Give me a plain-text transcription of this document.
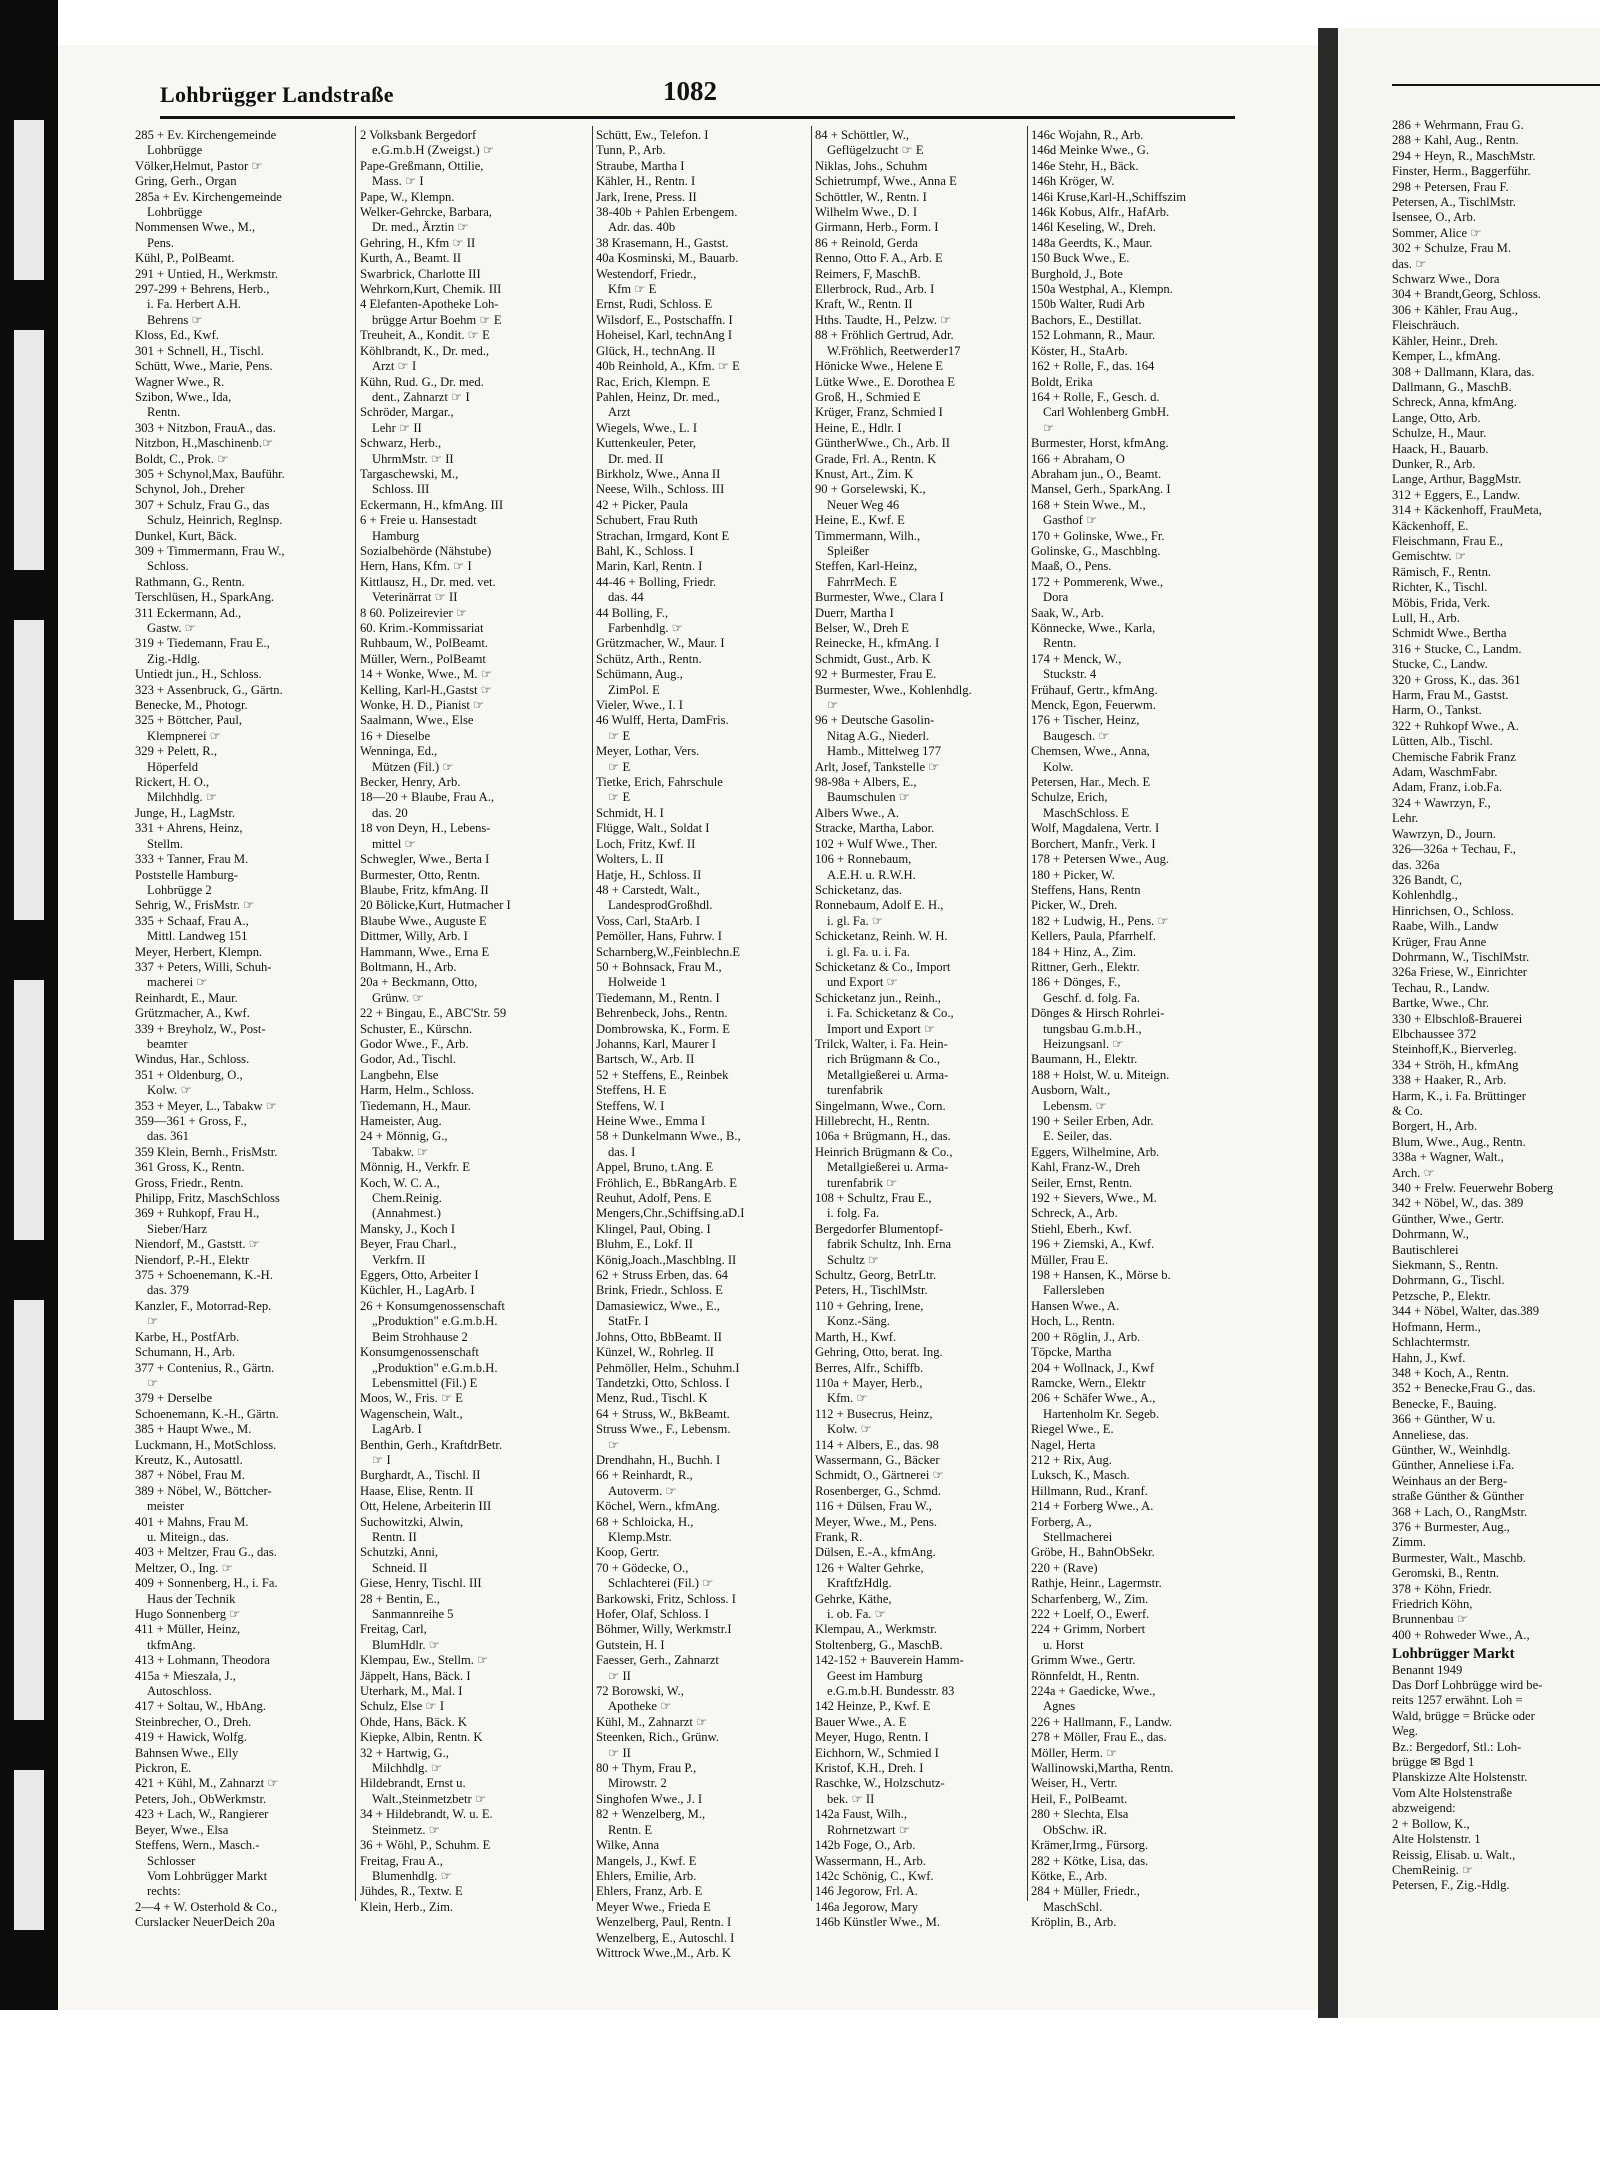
Lohbrügger Landstraße	1082
285 + Ev. Kirchengemeinde
Lohbrügge
Völker,Helmut, Pastor ☞
Gring, Gerh., Organ
285a + Ev. Kirchengemeinde
Lohbrügge
Nommensen Wwe., M.,
Pens.
Kühl, P., PolBeamt.
291 + Untied, H., Werkmstr.
297-299 + Behrens, Herb.,
i. Fa. Herbert A.H.
Behrens ☞
Kloss, Ed., Kwf.
301 + Schnell, H., Tischl.
Schütt, Wwe., Marie, Pens.
Wagner Wwe., R.
Szibon, Wwe., Ida,
Rentn.
303 + Nitzbon, FrauA., das.
Nitzbon, H.,Maschinenb.☞
Boldt, C., Prok. ☞
305 + Schynol,Max, Bauführ.
Schynol, Joh., Dreher
307 + Schulz, Frau G., das
Schulz, Heinrich, Reglnsp.
Dunkel, Kurt, Bäck.
309 + Timmermann, Frau W.,
Schloss.
Rathmann, G., Rentn.
Terschlüsen, H., SparkAng.
311 Eckermann, Ad.,
Gastw. ☞
319 + Tiedemann, Frau E.,
Zig.-Hdlg.
Untiedt jun., H., Schloss.
323 + Assenbruck, G., Gärtn.
Benecke, M., Photogr.
325 + Böttcher, Paul,
Klempnerei ☞
329 + Pelett, R.,
Höperfeld
Rickert, H. O.,
Milchhdlg. ☞
Junge, H., LagMstr.
331 + Ahrens, Heinz,
Stellm.
333 + Tanner, Frau M.
Poststelle Hamburg-
Lohbrügge 2
Sehrig, W., FrisMstr. ☞
335 + Schaaf, Frau A.,
Mittl. Landweg 151
Meyer, Herbert, Klempn.
337 + Peters, Willi, Schuh-
macherei ☞
Reinhardt, E., Maur.
Grützmacher, A., Kwf.
339 + Breyholz, W., Post-
beamter
Windus, Har., Schloss.
351 + Oldenburg, O.,
Kolw. ☞
353 + Meyer, L., Tabakw ☞
359—361 + Gross, F.,
das. 361
359 Klein, Bernh., FrisMstr.
361 Gross, K., Rentn.
Gross, Friedr., Rentn.
Philipp, Fritz, MaschSchloss
369 + Ruhkopf, Frau H.,
Sieber/Harz
Niendorf, M., Gaststt. ☞
Niendorf, P.-H., Elektr
375 + Schoenemann, K.-H.
das. 379
Kanzler, F., Motorrad-Rep.
☞
Karbe, H., PostfArb.
Schumann, H., Arb.
377 + Contenius, R., Gärtn.
☞
379 + Derselbe
Schoenemann, K.-H., Gärtn.
385 + Haupt Wwe., M.
Luckmann, H., MotSchloss.
Kreutz, K., Autosattl.
387 + Nöbel, Frau M.
389 + Nöbel, W., Böttcher-
meister
401 + Mahns, Frau M.
u. Miteign., das.
403 + Meltzer, Frau G., das.
Meltzer, O., Ing. ☞
409 + Sonnenberg, H., i. Fa.
Haus der Technik
Hugo Sonnenberg ☞
411 + Müller, Heinz,
tkfmAng.
413 + Lohmann, Theodora
415a + Mieszala, J.,
Autoschloss.
417 + Soltau, W., HbAng.
Steinbrecher, O., Dreh.
419 + Hawick, Wolfg.
Bahnsen Wwe., Elly
Pickron, E.
421 + Kühl, M., Zahnarzt ☞
Peters, Joh., ObWerkmstr.
423 + Lach, W., Rangierer
Beyer, Wwe., Elsa
Steffens, Wern., Masch.-
Schlosser
Vom Lohbrügger Markt
rechts:
2—4 + W. Osterhold & Co.,
Curslacker NeuerDeich 20a
2 Volksbank Bergedorf
e.G.m.b.H (Zweigst.) ☞
Pape-Greßmann, Ottilie,
Mass. ☞ I
Pape, W., Klempn.
Welker-Gehrcke, Barbara,
Dr. med., Ärztin ☞
Gehring, H., Kfm ☞ II
Kurth, A., Beamt. II
Swarbrick, Charlotte III
Wehrkorn,Kurt, Chemik. III
4 Elefanten-Apotheke Loh-
brügge Artur Boehm ☞ E
Treuheit, A., Kondit. ☞ E
Köhlbrandt, K., Dr. med.,
Arzt ☞ I
Kühn, Rud. G., Dr. med.
dent., Zahnarzt ☞ I
Schröder, Margar.,
Lehr ☞ II
Schwarz, Herb.,
UhrmMstr. ☞ II
Targaschewski, M.,
Schloss. III
Eckermann, H., kfmAng. III
6 + Freie u. Hansestadt
Hamburg
Sozialbehörde (Nähstube)
Hern, Hans, Kfm. ☞ I
Kittlausz, H., Dr. med. vet.
Veterinärrat ☞ II
8 60. Polizeirevier ☞
60. Krim.-Kommissariat
Ruhbaum, W., PolBeamt.
Müller, Wern., PolBeamt
14 + Wonke, Wwe., M. ☞
Kelling, Karl-H.,Gastst ☞
Wonke, H. D., Pianist ☞
Saalmann, Wwe., Else
16 + Dieselbe
Wenninga, Ed.,
Mützen (Fil.) ☞
Becker, Henry, Arb.
18—20 + Blaube, Frau A.,
das. 20
18 von Deyn, H., Lebens-
mittel ☞
Schwegler, Wwe., Berta I
Burmester, Otto, Rentn.
Blaube, Fritz, kfmAng. II
20 Bölicke,Kurt, Hutmacher I
Blaube Wwe., Auguste E
Dittmer, Willy, Arb. I
Hammann, Wwe., Erna E
Boltmann, H., Arb.
20a + Beckmann, Otto,
Grünw. ☞
22 + Bingau, E., ABC'Str. 59
Schuster, E., Kürschn.
Godor Wwe., F., Arb.
Godor, Ad., Tischl.
Langbehn, Else
Harm, Helm., Schloss.
Tiedemann, H., Maur.
Hameister, Aug.
24 + Mönnig, G.,
Tabakw. ☞
Mönnig, H., Verkfr. E
Koch, W. C. A.,
Chem.Reinig.
(Annahmest.)
Mansky, J., Koch I
Beyer, Frau Charl.,
Verkfrn. II
Eggers, Otto, Arbeiter I
Küchler, H., LagArb. I
26 + Konsumgenossenschaft
„Produktion" e.G.m.b.H.
Beim Strohhause 2
Konsumgenossenschaft
„Produktion" e.G.m.b.H.
Lebensmittel (Fil.) E
Moos, W., Fris. ☞ E
Wagenschein, Walt.,
LagArb. I
Benthin, Gerh., KraftdrBetr.
☞ I
Burghardt, A., Tischl. II
Haase, Elise, Rentn. II
Ott, Helene, Arbeiterin III
Suchowitzki, Alwin,
Rentn. II
Schutzki, Anni,
Schneid. II
Giese, Henry, Tischl. III
28 + Bentin, E.,
Sanmannreihe 5
Freitag, Carl,
BlumHdlr. ☞
Klempau, Ew., Stellm. ☞
Jäppelt, Hans, Bäck. I
Uterhark, M., Mal. I
Schulz, Else ☞ I
Ohde, Hans, Bäck. K
Kiepke, Albin, Rentn. K
32 + Hartwig, G.,
Milchhdlg. ☞
Hildebrandt, Ernst u.
Walt.,Steinmetzbetr ☞
34 + Hildebrandt, W. u. E.
Steinmetz. ☞
36 + Wöhl, P., Schuhm. E
Freitag, Frau A.,
Blumenhdlg. ☞
Jühdes, R., Textw. E
Klein, Herb., Zim.
Schütt, Ew., Telefon. I
Tunn, P., Arb.
Straube, Martha I
Kähler, H., Rentn. I
Jark, Irene, Press. II
38-40b + Pahlen Erbengem.
Adr. das. 40b
38 Krasemann, H., Gastst.
40a Kosminski, M., Bauarb.
Westendorf, Friedr.,
Kfm ☞ E
Ernst, Rudi, Schloss. E
Wilsdorf, E., Postschaffn. I
Hoheisel, Karl, technAng I
Glück, H., technAng. II
40b Reinhold, A., Kfm. ☞ E
Rac, Erich, Klempn. E
Pahlen, Heinz, Dr. med.,
Arzt
Wiegels, Wwe., L. I
Kuttenkeuler, Peter,
Dr. med. II
Birkholz, Wwe., Anna II
Neese, Wilh., Schloss. III
42 + Picker, Paula
Schubert, Frau Ruth
Strachan, Irmgard, Kont E
Bahl, K., Schloss. I
Marin, Karl, Rentn. I
44-46 + Bolling, Friedr.
das. 44
44 Bolling, F.,
Farbenhdlg. ☞
Grützmacher, W., Maur. I
Schütz, Arth., Rentn.
Schümann, Aug.,
ZimPol. E
Vieler, Wwe., I. I
46 Wulff, Herta, DamFris.
☞ E
Meyer, Lothar, Vers.
☞ E
Tietke, Erich, Fahrschule
☞ E
Schmidt, H. I
Flügge, Walt., Soldat I
Loch, Fritz, Kwf. II
Wolters, L. II
Hatje, H., Schloss. II
48 + Carstedt, Walt.,
LandesprodGroßhdl.
Voss, Carl, StaArb. I
Pemöller, Hans, Fuhrw. I
Scharnberg,W.,Feinblechn.E
50 + Bohnsack, Frau M.,
Holweide 1
Tiedemann, M., Rentn. I
Behrenbeck, Johs., Rentn.
Dombrowska, K., Form. E
Johanns, Karl, Maurer I
Bartsch, W., Arb. II
52 + Steffens, E., Reinbek
Steffens, H. E
Steffens, W. I
Heine Wwe., Emma I
58 + Dunkelmann Wwe., B.,
das. I
Appel, Bruno, t.Ang. E
Fröhlich, E., BbRangArb. E
Reuhut, Adolf, Pens. E
Mengers,Chr.,Schiffsing.aD.I
Klingel, Paul, Obing. I
Bluhm, E., Lokf. II
König,Joach.,Maschblng. II
62 + Struss Erben, das. 64
Brink, Friedr., Schloss. E
Damasiewicz, Wwe., E.,
StatFr. I
Johns, Otto, BbBeamt. II
Künzel, W., Rohrleg. II
Pehmöller, Helm., Schuhm.I
Tandetzki, Otto, Schloss. I
Menz, Rud., Tischl. K
64 + Struss, W., BkBeamt.
Struss Wwe., F., Lebensm.
☞
Drendhahn, H., Buchh. I
66 + Reinhardt, R.,
Autoverm. ☞
Köchel, Wern., kfmAng.
68 + Schloicka, H.,
Klemp.Mstr.
Koop, Gertr.
70 + Gödecke, O.,
Schlachterei (Fil.) ☞
Barkowski, Fritz, Schloss. I
Hofer, Olaf, Schloss. I
Böhmer, Willy, Werkmstr.I
Gutstein, H. I
Faesser, Gerh., Zahnarzt
☞ II
72 Borowski, W.,
Apotheke ☞
Kühl, M., Zahnarzt ☞
Steenken, Rich., Grünw.
☞ II
80 + Thym, Frau P.,
Mirowstr. 2
Singhofen Wwe., J. I
82 + Wenzelberg, M.,
Rentn. E
Wilke, Anna
Mangels, J., Kwf. E
Ehlers, Emilie, Arb.
Ehlers, Franz, Arb. E
Meyer Wwe., Frieda E
Wenzelberg, Paul, Rentn. I
Wenzelberg, E., Autoschl. I
Wittrock Wwe.,M., Arb. K
84 + Schöttler, W.,
Geflügelzucht ☞ E
Niklas, Johs., Schuhm
Schietrumpf, Wwe., Anna E
Schöttler, W., Rentn. I
Wilhelm Wwe., D. I
Girmann, Herb., Form. I
86 + Reinold, Gerda
Renno, Otto F. A., Arb. E
Reimers, F, MaschB.
Ellerbrock, Rud., Arb. I
Kraft, W., Rentn. II
Hths. Taudte, H., Pelzw. ☞
88 + Fröhlich Gertrud, Adr.
W.Fröhlich, Reetwerder17
Hönicke Wwe., Helene E
Lütke Wwe., E. Dorothea E
Groß, H., Schmied E
Krüger, Franz, Schmied I
Heine, E., Hdlr. I
GüntherWwe., Ch., Arb. II
Grade, Frl. A., Rentn. K
Knust, Art., Zim. K
90 + Gorselewski, K.,
Neuer Weg 46
Heine, E., Kwf. E
Timmermann, Wilh.,
Spleißer
Steffen, Karl-Heinz,
FahrrMech. E
Burmester, Wwe., Clara I
Duerr, Martha I
Belser, W., Dreh E
Reinecke, H., kfmAng. I
Schmidt, Gust., Arb. K
92 + Burmester, Frau E.
Burmester, Wwe., Kohlenhdlg.
☞
96 + Deutsche Gasolin-
Nitag A.G., Niederl.
Hamb., Mittelweg 177
Arlt, Josef, Tankstelle ☞
98-98a + Albers, E.,
Baumschulen ☞
Albers Wwe., A.
Stracke, Martha, Labor.
102 + Wulf Wwe., Ther.
106 + Ronnebaum,
A.E.H. u. R.W.H.
Schicketanz, das.
Ronnebaum, Adolf E. H.,
i. gl. Fa. ☞
Schicketanz, Reinh. W. H.
i. gl. Fa. u. i. Fa.
Schicketanz & Co., Import
und Export ☞
Schicketanz jun., Reinh.,
i. Fa. Schicketanz & Co.,
Import und Export ☞
Trilck, Walter, i. Fa. Hein-
rich Brügmann & Co.,
Metallgießerei u. Arma-
turenfabrik
Singelmann, Wwe., Corn.
Hillebrecht, H., Rentn.
106a + Brügmann, H., das.
Heinrich Brügmann & Co.,
Metallgießerei u. Arma-
turenfabrik ☞
108 + Schultz, Frau E.,
i. folg. Fa.
Bergedorfer Blumentopf-
fabrik Schultz, Inh. Erna
Schultz ☞
Schultz, Georg, BetrLtr.
Peters, H., TischlMstr.
110 + Gehring, Irene,
Konz.-Säng.
Marth, H., Kwf.
Gehring, Otto, berat. Ing.
Berres, Alfr., Schiffb.
110a + Mayer, Herb.,
Kfm. ☞
112 + Busecrus, Heinz,
Kolw. ☞
114 + Albers, E., das. 98
Wassermann, G., Bäcker
Schmidt, O., Gärtnerei ☞
Rosenberger, G., Schmd.
116 + Dülsen, Frau W.,
Meyer, Wwe., M., Pens.
Frank, R.
Dülsen, E.-A., kfmAng.
126 + Walter Gehrke,
KraftfzHdlg.
Gehrke, Käthe,
i. ob. Fa. ☞
Klempau, A., Werkmstr.
Stoltenberg, G., MaschB.
142-152 + Bauverein Hamm-
Geest im Hamburg
e.G.m.b.H. Bundesstr. 83
142 Heinze, P., Kwf. E
Bauer Wwe., A. E
Meyer, Hugo, Rentn. I
Eichhorn, W., Schmied I
Kristof, K.H., Dreh. I
Raschke, W., Holzschutz-
bek. ☞ II
142a Faust, Wilh.,
Rohrnetzwart ☞
142b Foge, O., Arb.
Wassermann, H., Arb.
142c Schönig, C., Kwf.
146 Jegorow, Frl. A.
146a Jegorow, Mary
146b Künstler Wwe., M.
146c Wojahn, R., Arb.
146d Meinke Wwe., G.
146e Stehr, H., Bäck.
146h Kröger, W.
146i Kruse,Karl-H.,Schiffszim
146k Kobus, Alfr., HafArb.
146l Keseling, W., Dreh.
148a Geerdts, K., Maur.
150 Buck Wwe., E.
Burghold, J., Bote
150a Westphal, A., Klempn.
150b Walter, Rudi Arb
Bachors, E., Destillat.
152 Lohmann, R., Maur.
Köster, H., StaArb.
162 + Rolle, F., das. 164
Boldt, Erika
164 + Rolle, F., Gesch. d.
Carl Wohlenberg GmbH.
☞
Burmester, Horst, kfmAng.
166 + Abraham, O
Abraham jun., O., Beamt.
Mansel, Gerh., SparkAng. I
168 + Stein Wwe., M.,
Gasthof ☞
170 + Golinske, Wwe., Fr.
Golinske, G., Maschblng.
Maaß, O., Pens.
172 + Pommerenk, Wwe.,
Dora
Saak, W., Arb.
Könnecke, Wwe., Karla,
Rentn.
174 + Menck, W.,
Stuckstr. 4
Frühauf, Gertr., kfmAng.
Menck, Egon, Feuerwm.
176 + Tischer, Heinz,
Baugesch. ☞
Chemsen, Wwe., Anna,
Kolw.
Petersen, Har., Mech. E
Schulze, Erich,
MaschSchloss. E
Wolf, Magdalena, Vertr. I
Borchert, Manfr., Verk. I
178 + Petersen Wwe., Aug.
180 + Picker, W.
Steffens, Hans, Rentn
Picker, W., Dreh.
182 + Ludwig, H., Pens. ☞
Kellers, Paula, Pfarrhelf.
184 + Hinz, A., Zim.
Rittner, Gerh., Elektr.
186 + Dönges, F.,
Geschf. d. folg. Fa.
Dönges & Hirsch Rohrlei-
tungsbau G.m.b.H.,
Heizungsanl. ☞
Baumann, H., Elektr.
188 + Holst, W. u. Miteign.
Ausborn, Walt.,
Lebensm. ☞
190 + Seiler Erben, Adr.
E. Seiler, das.
Eggers, Wilhelmine, Arb.
Kahl, Franz-W., Dreh
Seiler, Ernst, Rentn.
192 + Sievers, Wwe., M.
Schreck, A., Arb.
Stiehl, Eberh., Kwf.
196 + Ziemski, A., Kwf.
Müller, Frau E.
198 + Hansen, K., Mörse b.
Fallersleben
Hansen Wwe., A.
Hoch, L., Rentn.
200 + Röglin, J., Arb.
Töpcke, Martha
204 + Wollnack, J., Kwf
Ramcke, Wern., Elektr
206 + Schäfer Wwe., A.,
Hartenholm Kr. Segeb.
Riegel Wwe., E.
Nagel, Herta
212 + Rix, Aug.
Luksch, K., Masch.
Hillmann, Rud., Kranf.
214 + Forberg Wwe., A.
Forberg, A.,
Stellmacherei
Gröbe, H., BahnObSekr.
220 + (Rave)
Rathje, Heinr., Lagermstr.
Scharfenberg, W., Zim.
222 + Loelf, O., Ewerf.
224 + Grimm, Norbert
u. Horst
Grimm Wwe., Gertr.
Rönnfeldt, H., Rentn.
224a + Gaedicke, Wwe.,
Agnes
226 + Hallmann, F., Landw.
278 + Möller, Frau E., das.
Möller, Herm. ☞
Wallinowski,Martha, Rentn.
Weiser, H., Vertr.
Heil, F., PolBeamt.
280 + Slechta, Elsa
ObSchw. iR.
Krämer,Irmg., Fürsorg.
282 + Kötke, Lisa, das.
Kötke, E., Arb.
284 + Müller, Friedr.,
MaschSchl.
Kröplin, B., Arb.
286 + Wehrmann, Frau G.
288 + Kahl, Aug., Rentn.
294 + Heyn, R., MaschMstr.
Finster, Herm., Baggerführ.
298 + Petersen, Frau F.
Petersen, A., TischlMstr.
Isensee, O., Arb.
Sommer, Alice ☞
302 + Schulze, Frau M.
das. ☞
Schwarz Wwe., Dora
304 + Brandt,Georg, Schloss.
306 + Kähler, Frau Aug.,
Fleischräuch.
Kähler, Heinr., Dreh.
Kemper, L., kfmAng.
308 + Dallmann, Klara, das.
Dallmann, G., MaschB.
Schreck, Anna, kfmAng.
Lange, Otto, Arb.
Schulze, H., Maur.
Haack, H., Bauarb.
Dunker, R., Arb.
Lange, Arthur, BaggMstr.
312 + Eggers, E., Landw.
314 + Käckenhoff, FrauMeta,
Käckenhoff, E.
Fleischmann, Frau E.,
Gemischtw. ☞
Rämisch, F., Rentn.
Richter, K., Tischl.
Möbis, Frida, Verk.
Lull, H., Arb.
Schmidt Wwe., Bertha
316 + Stucke, C., Landm.
Stucke, C., Landw.
320 + Gross, K., das. 361
Harm, Frau M., Gastst.
Harm, O., Tankst.
322 + Ruhkopf Wwe., A.
Lütten, Alb., Tischl.
Chemische Fabrik Franz
Adam, WaschmFabr.
Adam, Franz, i.ob.Fa.
324 + Wawrzyn, F.,
Lehr.
Wawrzyn, D., Journ.
326—326a + Techau, F.,
das. 326a
326 Bandt, C,
Kohlenhdlg.,
Hinrichsen, O., Schloss.
Raabe, Wilh., Landw
Krüger, Frau Anne
Dohrmann, W., TischlMstr.
326a Friese, W., Einrichter
Techau, R., Landw.
Bartke, Wwe., Chr.
330 + Elbschloß-Brauerei
Elbchaussee 372
Steinhoff,K., Bierverleg.
334 + Ströh, H., kfmAng
338 + Haaker, R., Arb.
Harm, K., i. Fa. Brüttinger
& Co.
Borgert, H., Arb.
Blum, Wwe., Aug., Rentn.
338a + Wagner, Walt.,
Arch. ☞
340 + Frelw. Feuerwehr Boberg
342 + Nöbel, W., das. 389
Günther, Wwe., Gertr.
Dohrmann, W.,
Bautischlerei
Siekmann, S., Rentn.
Dohrmann, G., Tischl.
Petzsche, P., Elektr.
344 + Nöbel, Walter, das.389
Hofmann, Herm.,
Schlachtermstr.
Hahn, J., Kwf.
348 + Koch, A., Rentn.
352 + Benecke,Frau G., das.
Benecke, F., Bauing.
366 + Günther, W u.
Anneliese, das.
Günther, W., Weinhdlg.
Günther, Anneliese i.Fa.
Weinhaus an der Berg-
straße Günther & Günther
368 + Lach, O., RangMstr.
376 + Burmester, Aug.,
Zimm.
Burmester, Walt., Maschb.
Geromski, B., Rentn.
378 + Köhn, Friedr.
Friedrich Köhn,
Brunnenbau ☞
400 + Rohweder Wwe., A.,
Lohbrügger Markt
Benannt 1949
Das Dorf Lohbrügge wird be-
reits 1257 erwähnt. Loh =
Wald, brügge = Brücke oder
Weg.
Bz.: Bergedorf, Stl.: Loh-
brügge ✉ Bgd 1
Planskizze Alte Holstenstr.
Vom Alte Holstenstraße
abzweigend:
2 + Bollow, K.,
Alte Holstenstr. 1
Reissig, Elisab. u. Walt.,
ChemReinig. ☞
Petersen, F., Zig.-Hdlg.
